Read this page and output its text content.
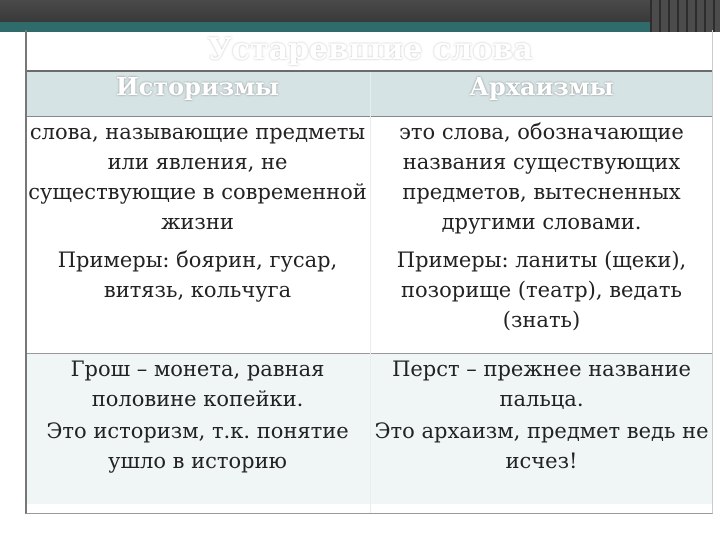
Устаревшие слова
Историзмы	Архаизмы
слова, называющие предметы или явления, не существующие в современной жизни	это слова, обозначающие названия существующих предметов, вытесненных другими словами.
Примеры: боярин, гусар, витязь, кольчуга	Примеры: ланиты (щеки), позорище (театр), ведать (знать)
Грош – монета, равная половине копейки.	Перст – прежнее название пальца.
Это историзм, т.к. понятие ушло в историю	Это архаизм, предмет ведь не исчез!
